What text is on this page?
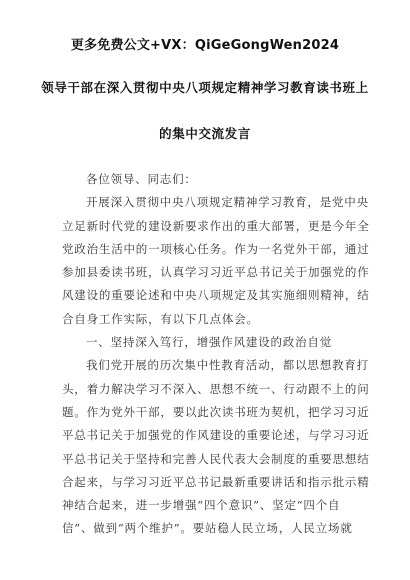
更多免费公文+VX：QiGeGongWen2024
领导干部在深入贯彻中央八项规定精神学习教育读书班上
的集中交流发言
各位领导、同志们：
开展深入贯彻中央八项规定精神学习教育，是党中央
立足新时代党的建设新要求作出的重大部署，更是今年全
党政治生活中的一项核心任务。作为一名党外干部，通过
参加县委读书班，认真学习习近平总书记关于加强党的作
风建设的重要论述和中央八项规定及其实施细则精神，结
合自身工作实际，有以下几点体会。
一、坚持深入笃行，增强作风建设的政治自觉
我们党开展的历次集中性教育活动，都以思想教育打
头，着力解决学习不深入、思想不统一、行动跟不上的问
题。作为党外干部，要以此次读书班为契机，把学习习近
平总书记关于加强党的作风建设的重要论述，与学习习近
平总书记关于坚持和完善人民代表大会制度的重要思想结
合起来，与学习习近平总书记最新重要讲话和指示批示精
神结合起来，进一步增强“四个意识”、坚定“四个自
信”、做到“两个维护”。要站稳人民立场，人民立场就
